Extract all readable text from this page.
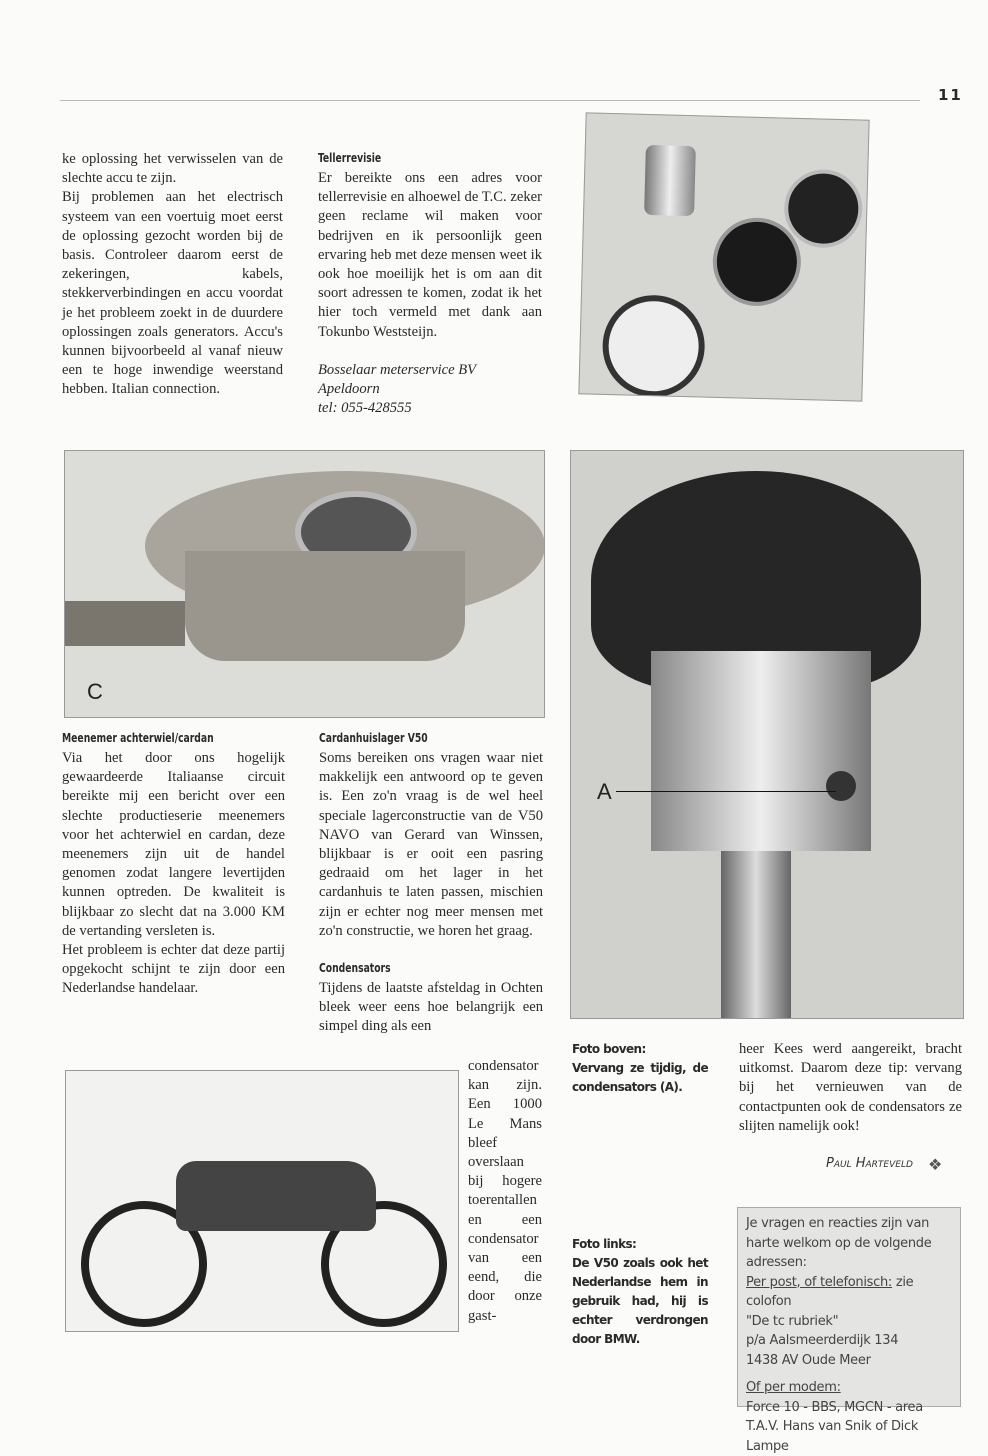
11

ke oplossing het verwisselen van de slechte accu te zijn.

Bij problemen aan het electrisch systeem van een voertuig moet eerst de oplossing gezocht worden bij de basis. Controleer daarom eerst de zekeringen, kabels, stekkerverbindingen en accu voordat je het probleem zoekt in de duurdere oplossingen zoals generators. Accu's kunnen bijvoorbeeld al vanaf nieuw een te hoge inwendige weerstand hebben. Italian connection.

Tellerrevisie

Er bereikte ons een adres voor tellerrevisie en alhoewel de T.C. zeker geen reclame wil maken voor bedrijven en ik persoonlijk geen ervaring heb met deze mensen weet ik ook hoe moeilijk het is om aan dit soort adressen te komen, zodat ik het hier toch vermeld met dank aan Tokunbo Weststeijn.

Bosselaar meterservice BV
Apeldoorn
tel: 055-428555
C
A
Meenemer achterwiel/cardan

Via het door ons hogelijk gewaardeerde Italiaanse circuit bereikte mij een bericht over een slechte productieserie meenemers voor het achterwiel en cardan, deze meenemers zijn uit de handel genomen zodat langere levertijden kunnen optreden. De kwaliteit is blijkbaar zo slecht dat na 3.000 KM de vertanding versleten is.

Het probleem is echter dat deze partij opgekocht schijnt te zijn door een Nederlandse handelaar.

Cardanhuislager V50

Soms bereiken ons vragen waar niet makkelijk een antwoord op te geven is. Een zo'n vraag is de wel heel speciale lagerconstructie van de V50 NAVO van Gerard van Winssen, blijkbaar is er ooit een pasring gedraaid om het lager in het cardanhuis te laten passen, mischien zijn er echter nog meer mensen met zo'n constructie, we horen het graag.

Condensators

Tijdens de laatste afsteldag in Ochten bleek weer eens hoe belangrijk een simpel ding als een

condensator kan zijn. Een 1000 Le Mans bleef overslaan bij hogere toerentallen en een condensator van een eend, die door onze gast-
Foto boven:
Vervang ze tijdig, de condensators (A).
Foto links:
De V50 zoals ook het Nederlandse hem in gebruik had, hij is echter verdrongen door BMW.
heer Kees werd aangereikt, bracht uitkomst. Daarom deze tip: vervang bij het vernieuwen van de contactpunten ook de condensators ze slijten namelijk ook!
Paul Harteveld ❖
Je vragen en reacties zijn van harte welkom op de volgende adressen:
Per post, of telefonisch: zie colofon
"De tc rubriek"
p/a Aalsmeerderdijk 134
1438 AV Oude Meer
Of per modem:
Force 10 - BBS, MGCN - area
T.A.V. Hans van Snik of Dick Lampe
